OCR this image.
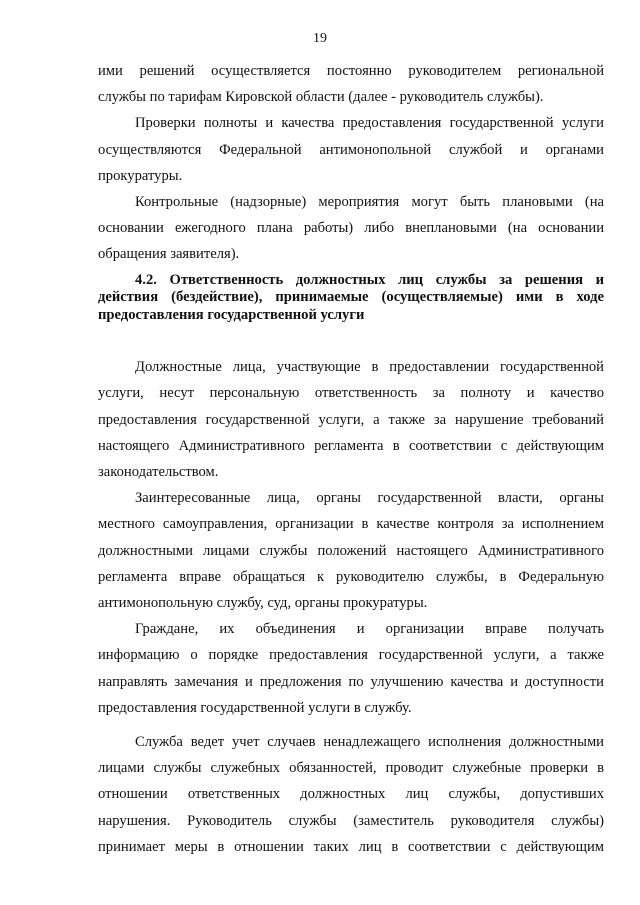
19

ими решений осуществляется постоянно руководителем региональной
службы по тарифам Кировской области (далее - руководитель службы).

Проверки полноты и качества предоставления государственной услуги
осуществляются Федеральной антимонопольной службой и органами
прокуратуры.

Контрольные (надзорные) мероприятия могут быть плановыми (на
основании ежегодного плана работы) либо внеплановыми (на основании
обращения заявителя).

4.2. Ответственность должностных лиц службы за решения и
действия (бездействие), принимаемые (осуществляемые) ими в ходе
предоставления государственной услуги

Должностные лица, участвующие в предоставлении государственной
услуги, несут персональную ответственность за полноту и качество
предоставления государственной услуги, а также за нарушение требований
настоящего Административного регламента в соответствии с действующим
законодательством.

Заинтересованные лица, органы государственной власти, органы
местного самоуправления, организации в качестве контроля за исполнением
должностными лицами службы положений настоящего Административного
регламента вправе обращаться к руководителю службы, в Федеральную
антимонопольную службу, суд, органы прокуратуры.

Граждане, их объединения и организации вправе получать
информацию о порядке предоставления государственной услуги, а также
направлять замечания и предложения по улучшению качества и доступности
предоставления государственной услуги в службу.

Служба ведет учет случаев ненадлежащего исполнения должностными
лицами службы служебных обязанностей, проводит служебные проверки в
отношении ответственных должностных лиц службы, допустивших
нарушения. Руководитель службы (заместитель руководителя службы)
принимает меры в отношении таких лиц в соответствии с действующим
